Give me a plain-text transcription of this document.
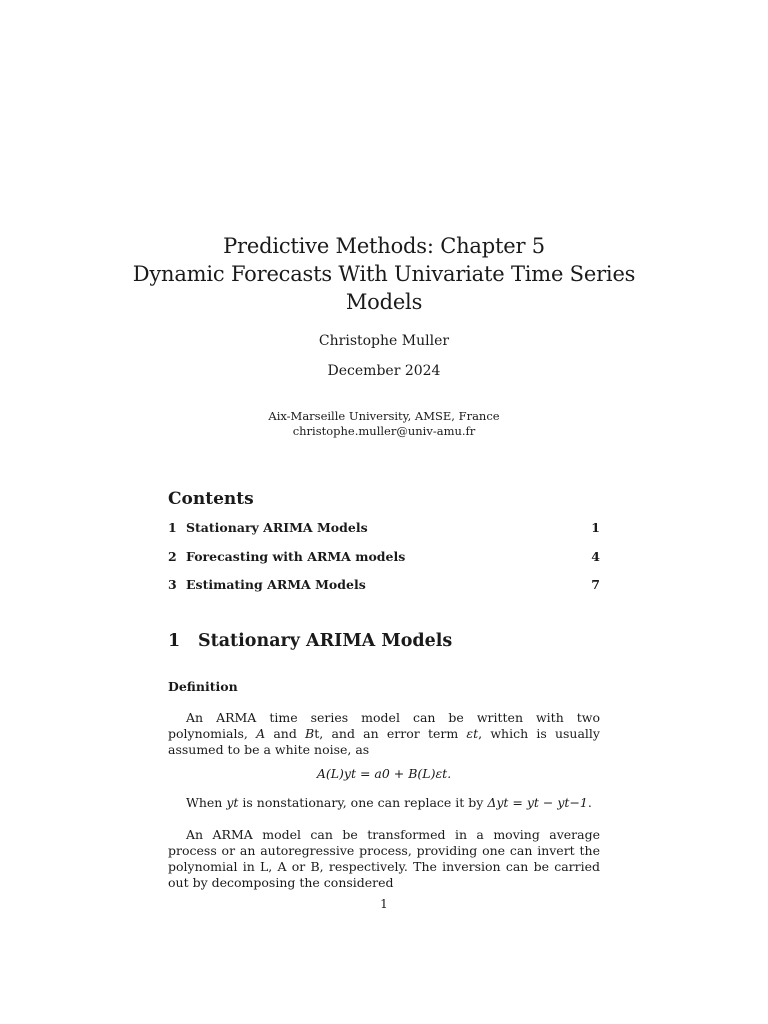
Predictive Methods: Chapter 5
Dynamic Forecasts With Univariate Time Series
Models
Christophe Muller
December 2024
Aix-Marseille University, AMSE, France
christophe.muller@univ-amu.fr
Contents
1 Stationary ARIMA Models	1
2 Forecasting with ARMA models	4
3 Estimating ARMA Models	7
1 Stationary ARIMA Models
Definition
An ARMA time series model can be written with two polynomials, A and Bt, and an error term εt, which is usually assumed to be a white noise, as
A(L)yt = a0 + B(L)εt.
When yt is nonstationary, one can replace it by Δyt = yt − yt−1.
An ARMA model can be transformed in a moving average process or an autoregressive process, providing one can invert the polynomial in L, A or B, respectively. The inversion can be carried out by decomposing the considered
1
